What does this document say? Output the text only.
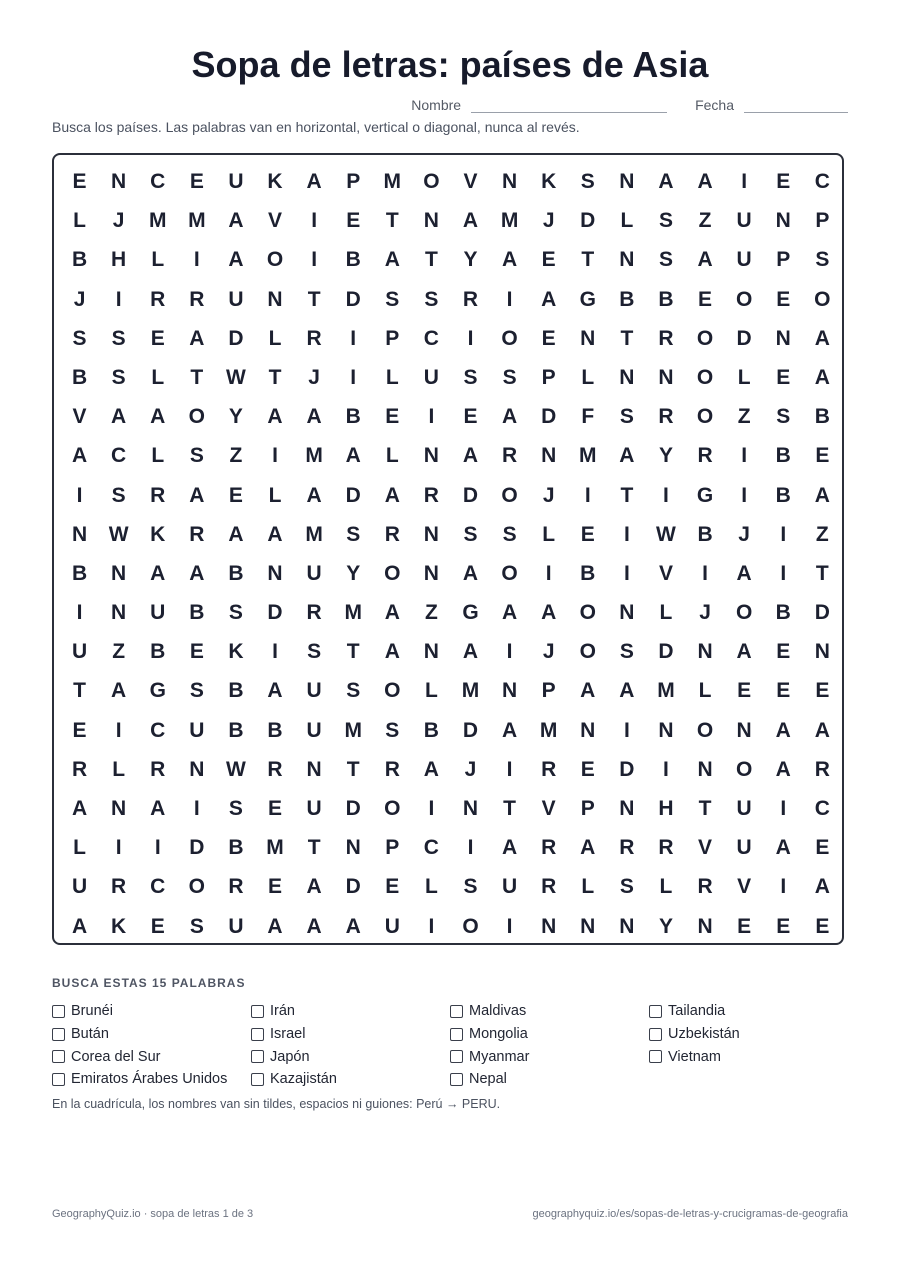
Sopa de letras: países de Asia
Nombre	Fecha
Busca los países. Las palabras van en horizontal, vertical o diagonal, nunca al revés.
E	N	C	E	U	K	A	P	M	O	V	N	K	S	N	A	A	I	E	C
L	J	M	M	A	V	I	E	T	N	A	M	J	D	L	S	Z	U	N	P
B	H	L	I	A	O	I	B	A	T	Y	A	E	T	N	S	A	U	P	S
J	I	R	R	U	N	T	D	S	S	R	I	A	G	B	B	E	O	E	O
S	S	E	A	D	L	R	I	P	C	I	O	E	N	T	R	O	D	N	A
B	S	L	T	W	T	J	I	L	U	S	S	P	L	N	N	O	L	E	A
V	A	A	O	Y	A	A	B	E	I	E	A	D	F	S	R	O	Z	S	B
A	C	L	S	Z	I	M	A	L	N	A	R	N	M	A	Y	R	I	B	E
I	S	R	A	E	L	A	D	A	R	D	O	J	I	T	I	G	I	B	A
N	W	K	R	A	A	M	S	R	N	S	S	L	E	I	W	B	J	I	Z
B	N	A	A	B	N	U	Y	O	N	A	O	I	B	I	V	I	A	I	T
I	N	U	B	S	D	R	M	A	Z	G	A	A	O	N	L	J	O	B	D
U	Z	B	E	K	I	S	T	A	N	A	I	J	O	S	D	N	A	E	N
T	A	G	S	B	A	U	S	O	L	M	N	P	A	A	M	L	E	E	E
E	I	C	U	B	B	U	M	S	B	D	A	M	N	I	N	O	N	A	A
R	L	R	N	W	R	N	T	R	A	J	I	R	E	D	I	N	O	A	R
A	N	A	I	S	E	U	D	O	I	N	T	V	P	N	H	T	U	I	C
L	I	I	D	B	M	T	N	P	C	I	A	R	A	R	R	V	U	A	E
U	R	C	O	R	E	A	D	E	L	S	U	R	L	S	L	R	V	I	A
A	K	E	S	U	A	A	A	U	I	O	I	N	N	N	Y	N	E	E	E
BUSCA ESTAS 15 PALABRAS
Brunéi
Bután
Corea del Sur
Emiratos Árabes Unidos
Irán
Israel
Japón
Kazajistán
Maldivas
Mongolia
Myanmar
Nepal
Tailandia
Uzbekistán
Vietnam
En la cuadrícula, los nombres van sin tildes, espacios ni guiones: Perú → PERU.
GeographyQuiz.io · sopa de letras 1 de 3	geographyquiz.io/es/sopas-de-letras-y-crucigramas-de-geografia
